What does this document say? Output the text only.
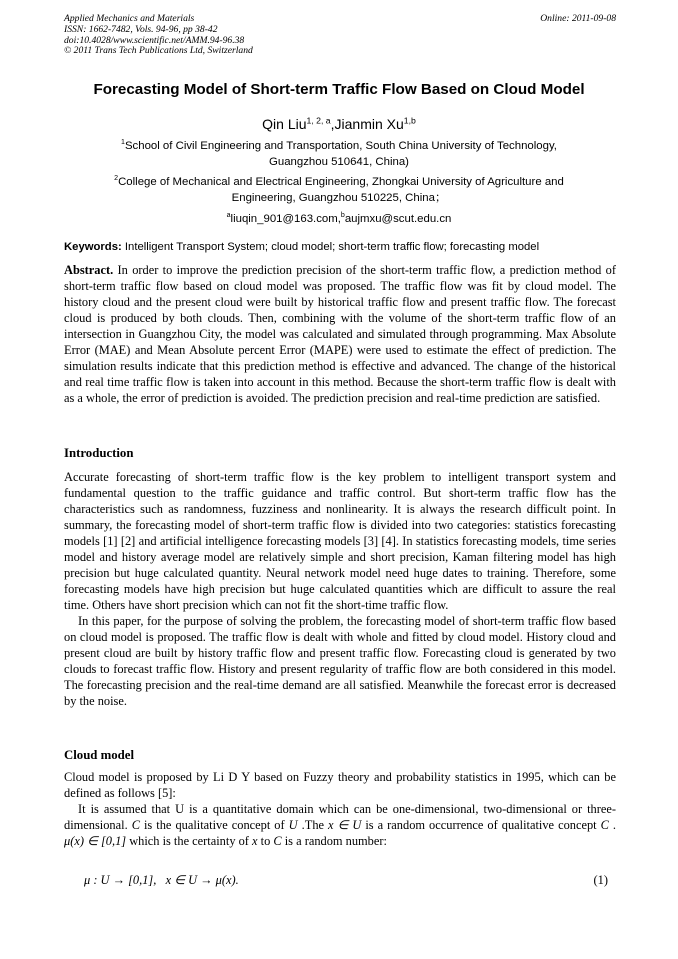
Applied Mechanics and Materials
ISSN: 1662-7482, Vols. 94-96, pp 38-42
doi:10.4028/www.scientific.net/AMM.94-96.38
© 2011 Trans Tech Publications Ltd, Switzerland
Online: 2011-09-08
Forecasting Model of Short-term Traffic Flow Based on Cloud Model
Qin Liu$^{1, 2, a}$,Jianmin Xu$^{1,b}$
$^1$School of Civil Engineering and Transportation, South China University of Technology,
Guangzhou 510641, China)
$^2$College of Mechanical and Electrical Engineering, Zhongkai University of Agriculture and
Engineering, Guangzhou 510225, China；
$^a$liuqin_901@163.com,$^b$aujmxu@scut.edu.cn
Keywords: Intelligent Transport System; cloud model; short-term traffic flow; forecasting model
Abstract. In order to improve the prediction precision of the short-term traffic flow, a prediction method of short-term traffic flow based on cloud model was proposed. The traffic flow was fit by cloud model. The history cloud and the present cloud were built by historical traffic flow and present traffic flow. The forecast cloud is produced by both clouds. Then, combining with the volume of the short-term traffic flow of an intersection in Guangzhou City, the model was calculated and simulated through programming. Max Absolute Error (MAE) and Mean Absolute percent Error (MAPE) were used to estimate the effect of prediction. The simulation results indicate that this prediction method is effective and advanced. The change of the historical and real time traffic flow is taken into account in this method. Because the short-term traffic flow is dealt with as a whole, the error of prediction is avoided. The prediction precision and real-time prediction are satisfied.
Introduction

Accurate forecasting of short-term traffic flow is the key problem to intelligent transport system and fundamental question to the traffic guidance and traffic control. But short-term traffic flow has the characteristics such as randomness, fuzziness and nonlinearity. It is always the research difficult point. In summary, the forecasting model of short-term traffic flow is divided into two categories: statistics forecasting models [1] [2] and artificial intelligence forecasting models [3] [4]. In statistics forecasting models, time series model and history average model are relatively simple and short precision, Kaman filtering model has high precision but huge calculated quantity. Neural network model need huge dates to training. Therefore, some forecasting models have high precision but huge calculated quantities which are difficult to assure the real time. Others have short precision which can not fit the short-time traffic flow.

In this paper, for the purpose of solving the problem, the forecasting model of short-term traffic flow based on cloud model is proposed. The traffic flow is dealt with whole and fitted by cloud model. History cloud and present cloud are built by history traffic flow and present traffic flow. Forecasting cloud is generated by two clouds to forecast traffic flow. History and present regularity of traffic flow are both considered in this model. The forecasting precision and the real-time demand are all satisfied. Meanwhile the forecast error is decreased by the noise.

Cloud model

Cloud model is proposed by Li D Y based on Fuzzy theory and probability statistics in 1995, which can be defined as follows [5]:

It is assumed that U is a quantitative domain which can be one-dimensional, two-dimensional or three-dimensional. C is the qualitative concept of U .The x ∈ U is a random occurrence of qualitative concept C . μ(x) ∈ [0,1] which is the certainty of x to C is a random number:

μ : U → [0,1], x ∈ U → μ(x).	(1)
